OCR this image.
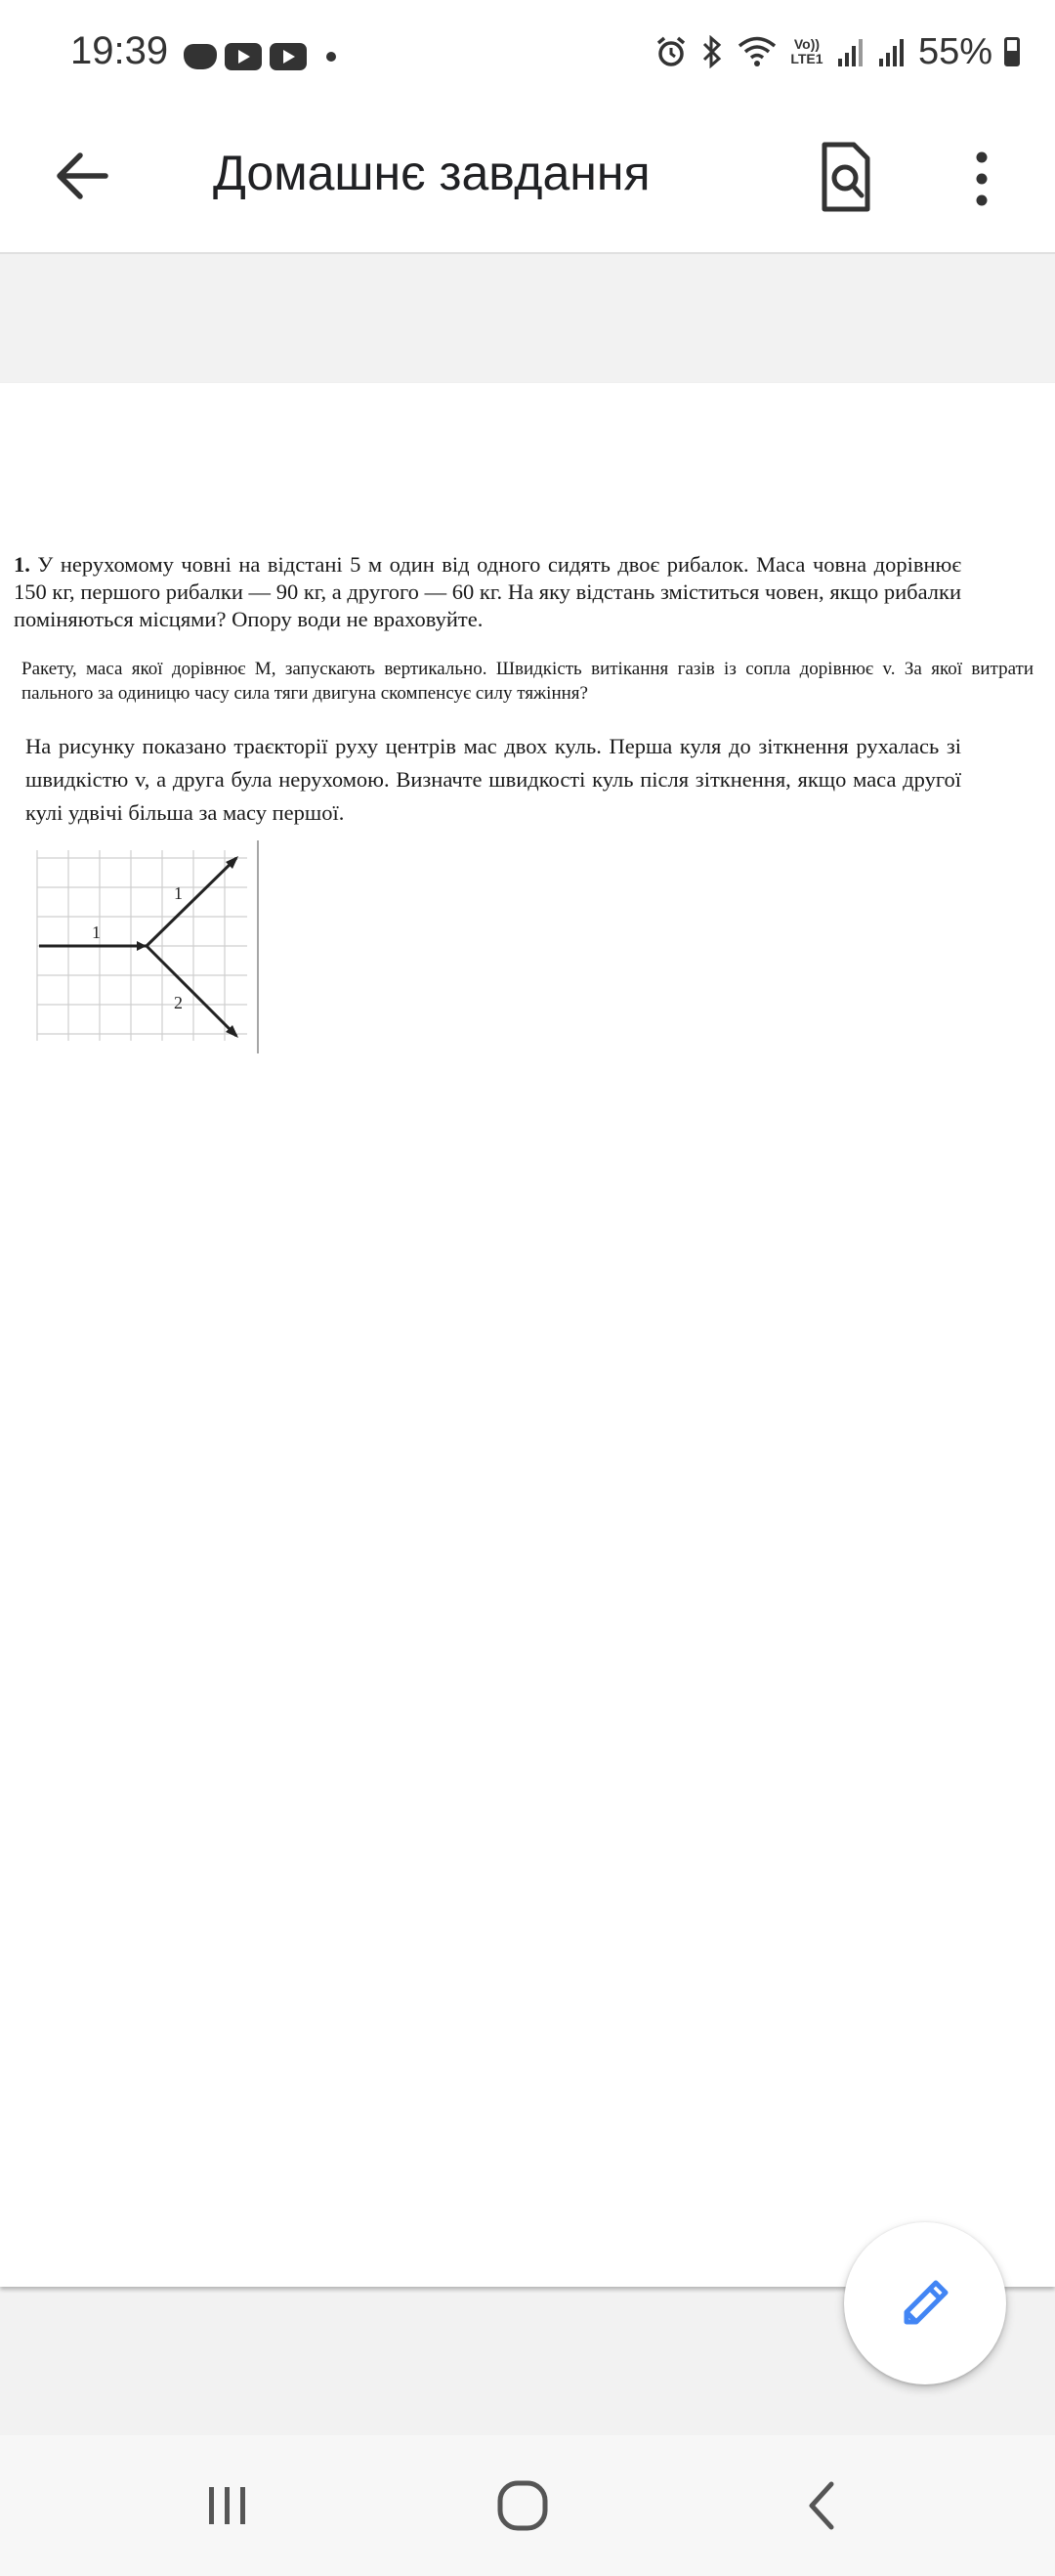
19:39	Vo)) LTE1	55%
Домашнє завдання
1. У нерухомому човні на відстані 5 м один від одного сидять двоє рибалок. Маса човна дорівнює 150 кг, першого рибалки — 90 кг, а другого — 60 кг. На яку відстань зміститься човен, якщо рибалки поміняються місцями? Опору води не враховуйте.
Ракету, маса якої дорівнює M, запускають вертикально. Швидкість витікання газів із сопла дорівнює v. За якої витрати пального за одиницю часу сила тяги двигуна скомпенсує силу тяжіння?
На рисунку показано траєкторії руху центрів мас двох куль. Перша куля до зіткнення рухалась зі швидкістю v, а друга була нерухомою. Визначте швидкості куль після зіткнення, якщо маса другої кулі удвічі більша за масу першої.
1
1
2
